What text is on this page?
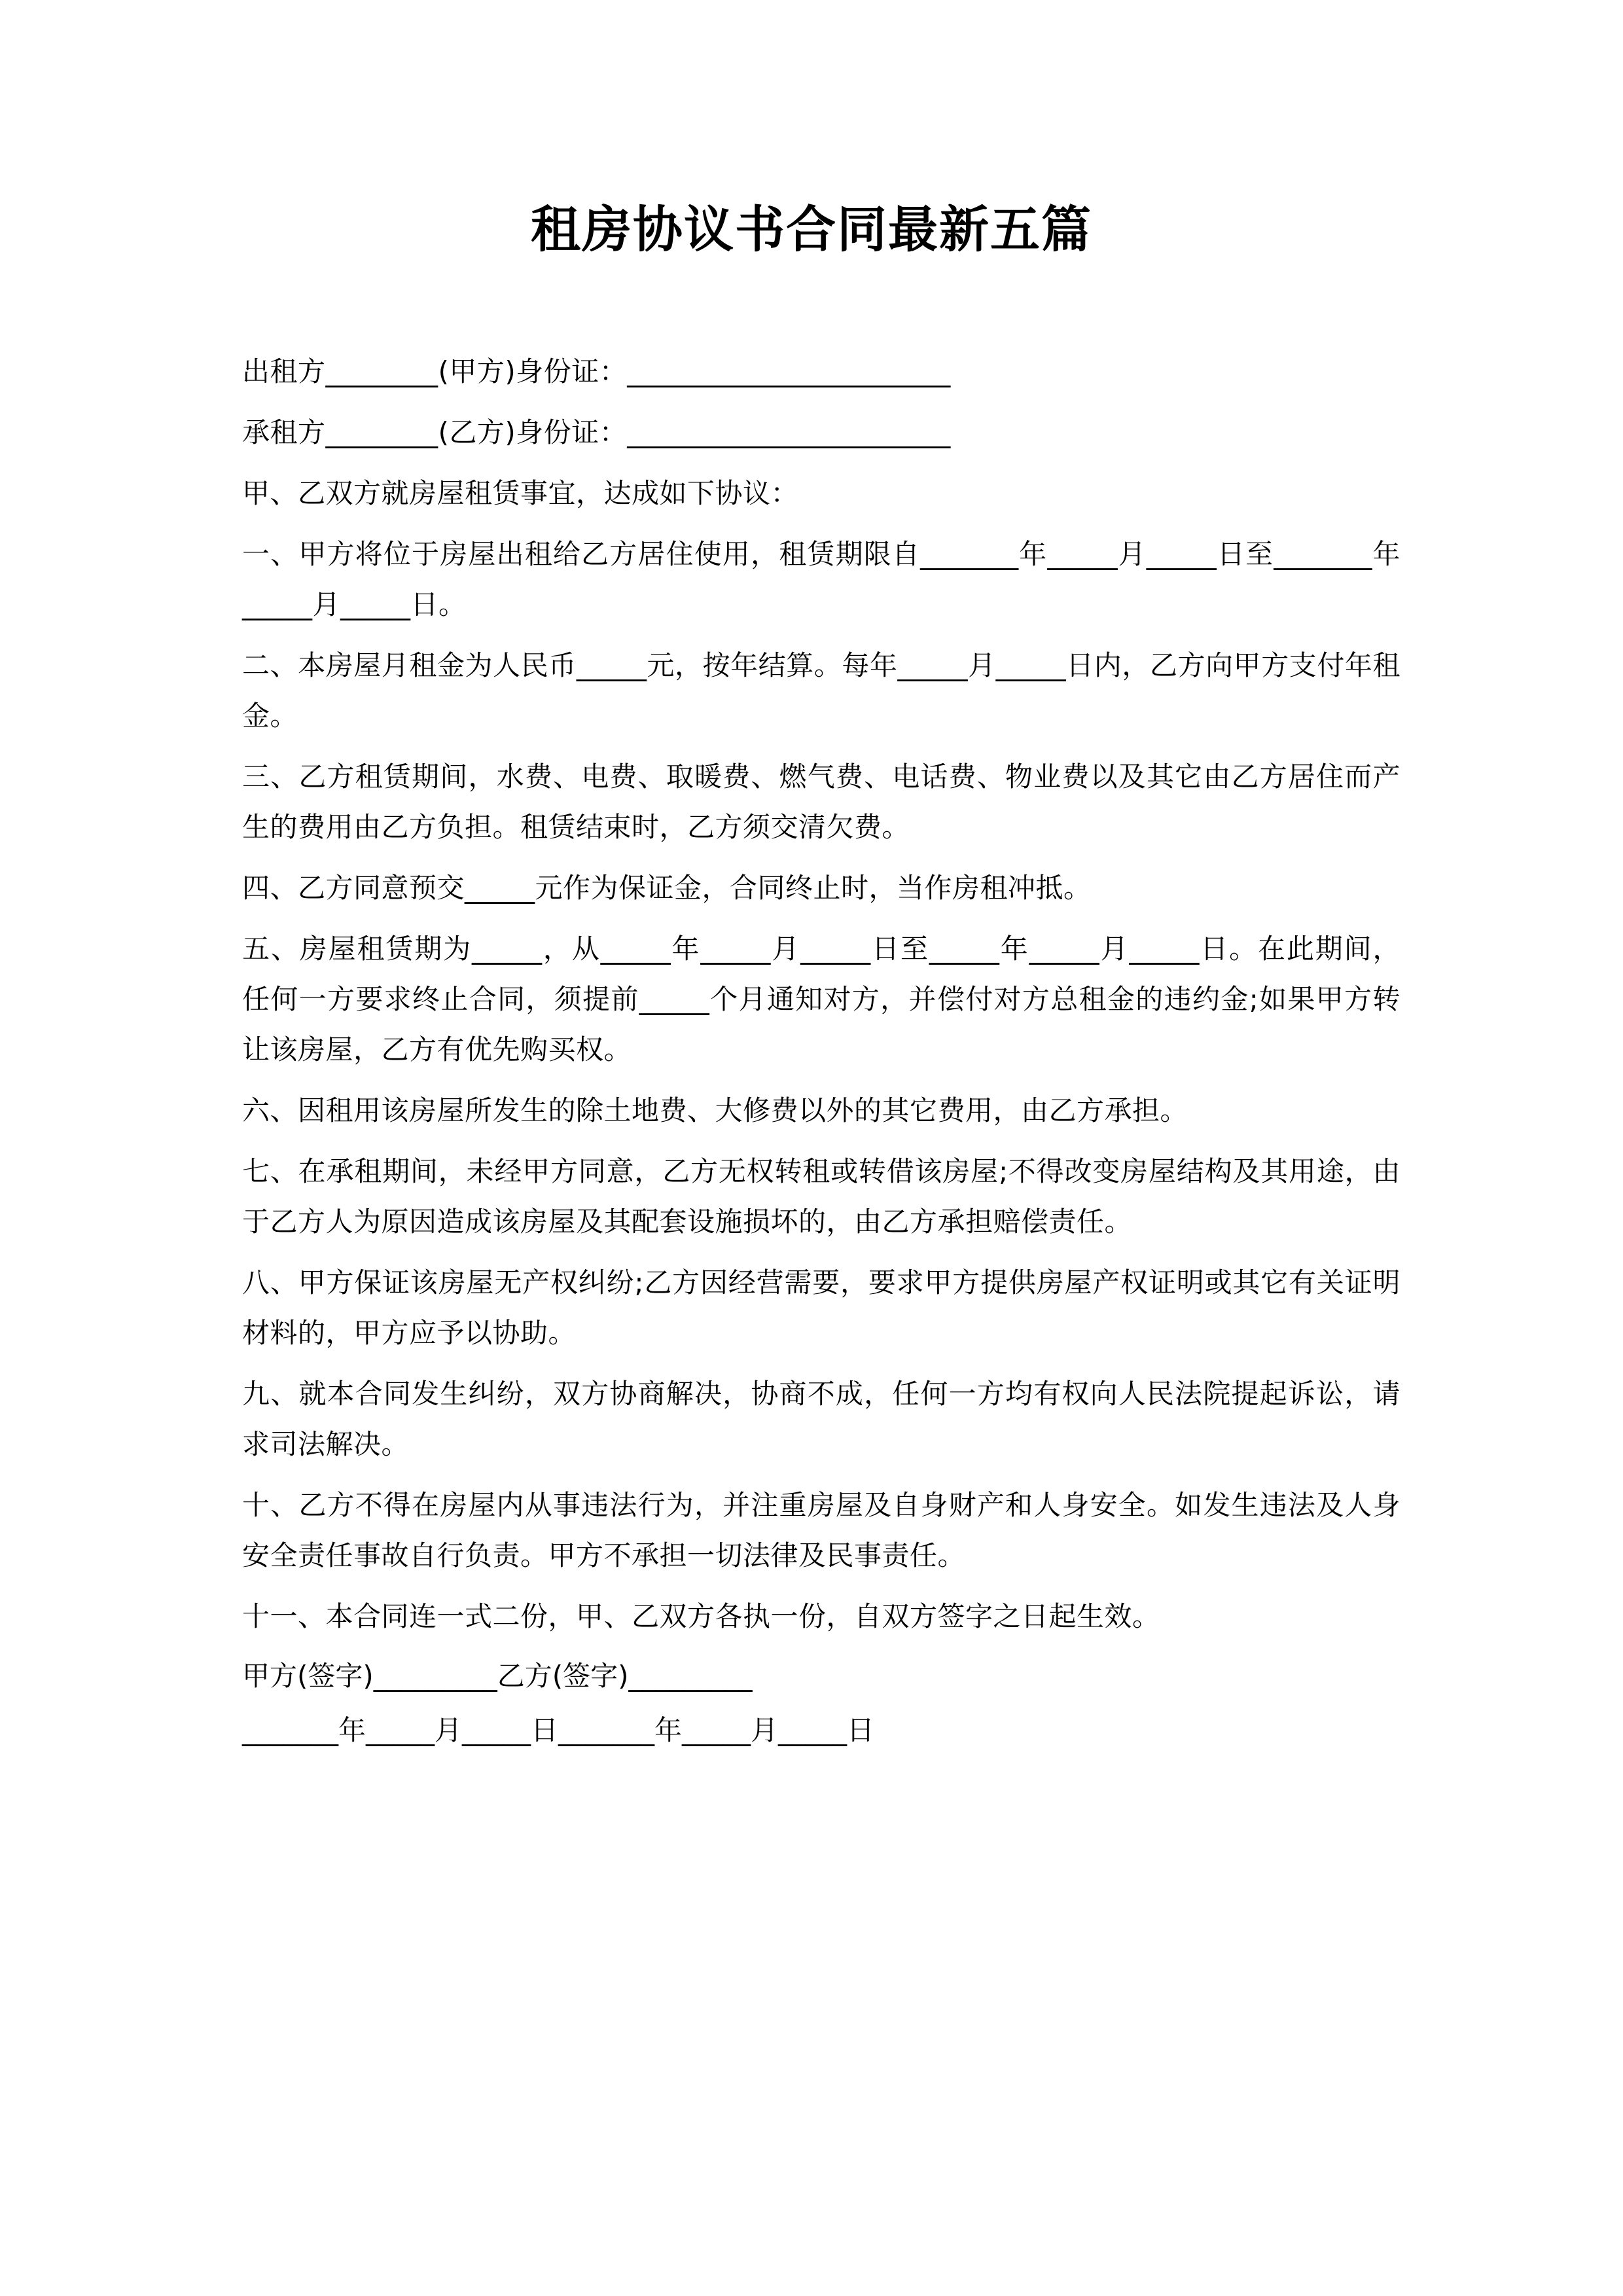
租房协议书合同最新五篇

出租方________(甲方)身份证：_______________________

承租方________(乙方)身份证：_______________________

甲、乙双方就房屋租赁事宜，达成如下协议：

一、甲方将位于房屋出租给乙方居住使用，租赁期限自_______年_____月_____日至_______年_____月_____日。

二、本房屋月租金为人民币_____元，按年结算。每年_____月_____日内，乙方向甲方支付年租金。

三、乙方租赁期间，水费、电费、取暖费、燃气费、电话费、物业费以及其它由乙方居住而产生的费用由乙方负担。租赁结束时，乙方须交清欠费。

四、乙方同意预交_____元作为保证金，合同终止时，当作房租冲抵。

五、房屋租赁期为_____，从_____年_____月_____日至_____年_____月_____日。在此期间，任何一方要求终止合同，须提前_____个月通知对方，并偿付对方总租金的违约金;如果甲方转让该房屋，乙方有优先购买权。

六、因租用该房屋所发生的除土地费、大修费以外的其它费用，由乙方承担。

七、在承租期间，未经甲方同意，乙方无权转租或转借该房屋;不得改变房屋结构及其用途，由于乙方人为原因造成该房屋及其配套设施损坏的，由乙方承担赔偿责任。

八、甲方保证该房屋无产权纠纷;乙方因经营需要，要求甲方提供房屋产权证明或其它有关证明材料的，甲方应予以协助。

九、就本合同发生纠纷，双方协商解决，协商不成，任何一方均有权向人民法院提起诉讼，请求司法解决。

十、乙方不得在房屋内从事违法行为，并注重房屋及自身财产和人身安全。如发生违法及人身安全责任事故自行负责。甲方不承担一切法律及民事责任。

十一、本合同连一式二份，甲、乙双方各执一份，自双方签字之日起生效。

甲方(签字)_________乙方(签字)_________
_______年_____月_____日_______年_____月_____日
